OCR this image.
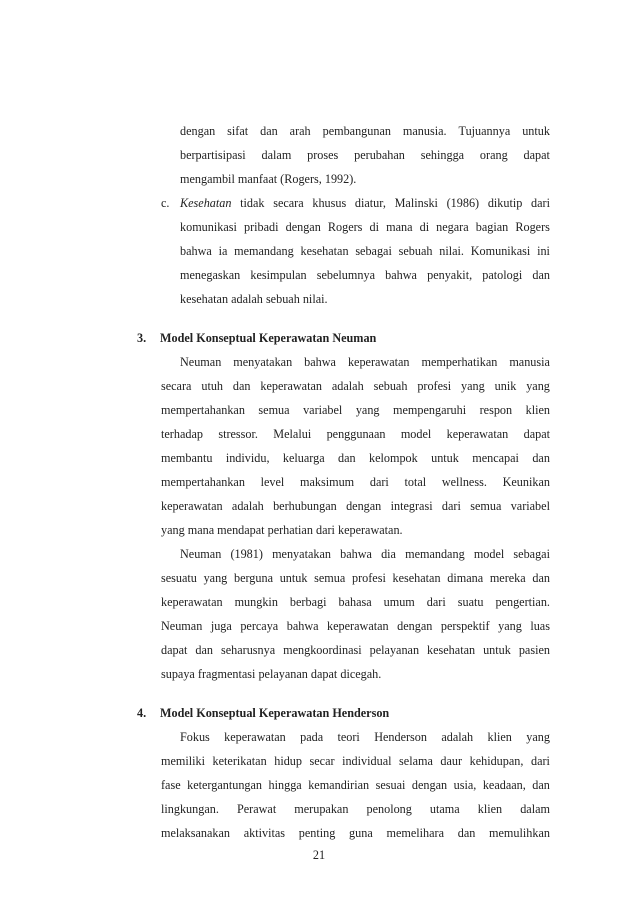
dengan sifat dan arah pembangunan manusia. Tujuannya untuk
berpartisipasi dalam proses perubahan sehingga orang dapat
mengambil manfaat (Rogers, 1992).
c. Kesehatan tidak secara khusus diatur, Malinski (1986) dikutip dari
komunikasi pribadi dengan Rogers di mana di negara bagian Rogers
bahwa ia memandang kesehatan sebagai sebuah nilai. Komunikasi ini
menegaskan kesimpulan sebelumnya bahwa penyakit, patologi dan
kesehatan adalah sebuah nilai.
3. Model Konseptual Keperawatan Neuman
Neuman menyatakan bahwa keperawatan memperhatikan manusia
secara utuh dan keperawatan adalah sebuah profesi yang unik yang
mempertahankan semua variabel yang mempengaruhi respon klien
terhadap stressor. Melalui penggunaan model keperawatan dapat
membantu individu, keluarga dan kelompok untuk mencapai dan
mempertahankan level maksimum dari total wellness. Keunikan
keperawatan adalah berhubungan dengan integrasi dari semua variabel
yang mana mendapat perhatian dari keperawatan.
Neuman (1981) menyatakan bahwa dia memandang model sebagai
sesuatu yang berguna untuk semua profesi kesehatan dimana mereka dan
keperawatan mungkin berbagi bahasa umum dari suatu pengertian.
Neuman juga percaya bahwa keperawatan dengan perspektif yang luas
dapat dan seharusnya mengkoordinasi pelayanan kesehatan untuk pasien
supaya fragmentasi pelayanan dapat dicegah.
4. Model Konseptual Keperawatan Henderson
Fokus keperawatan pada teori Henderson adalah klien yang
memiliki keterikatan hidup secar individual selama daur kehidupan, dari
fase ketergantungan hingga kemandirian sesuai dengan usia, keadaan, dan
lingkungan. Perawat merupakan penolong utama klien dalam
melaksanakan aktivitas penting guna memelihara dan memulihkan
21
